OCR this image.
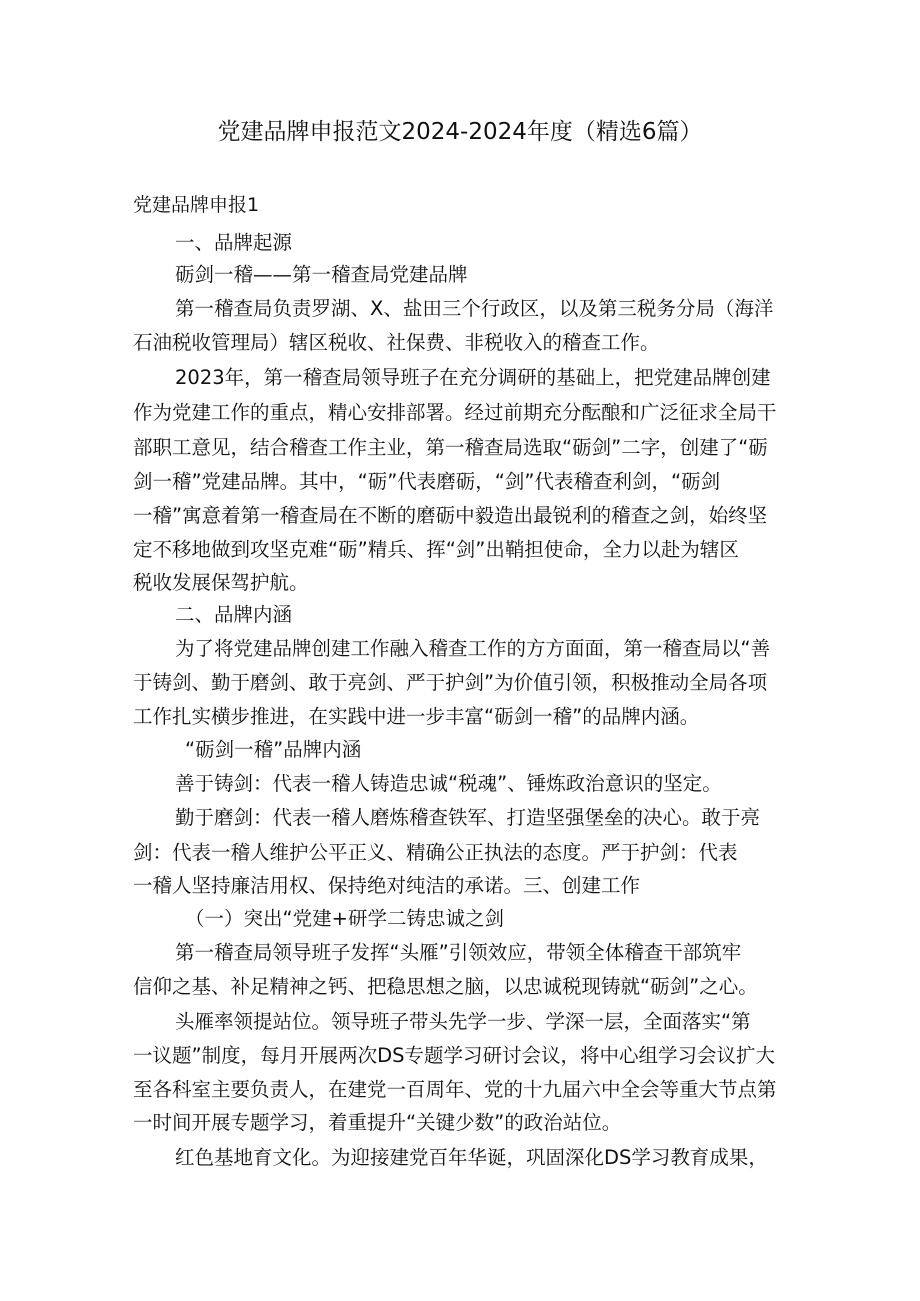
党建品牌申报范文2024-2024年度（精选6篇）
党建品牌申报1
一、品牌起源
砺剑一稽——第一稽查局党建品牌
第一稽查局负责罗湖、X、盐田三个行政区，以及第三税务分局（海洋
石油税收管理局）辖区税收、社保费、非税收入的稽查工作。
2023年，第一稽查局领导班子在充分调研的基础上，把党建品牌创建
作为党建工作的重点，精心安排部署。经过前期充分酝酿和广泛征求全局干
部职工意见，结合稽查工作主业，第一稽查局选取“砺剑”二字，创建了“砺
剑一稽”党建品牌。其中，“砺”代表磨砺，“剑”代表稽查利剑，“砺剑
一稽”寓意着第一稽查局在不断的磨砺中毅造出最锐利的稽查之剑，始终坚
定不移地做到攻坚克难“砺”精兵、挥“剑”出鞘担使命，全力以赴为辖区
税收发展保驾护航。
二、品牌内涵
为了将党建品牌创建工作融入稽查工作的方方面面，第一稽查局以“善
于铸剑、勤于磨剑、敢于亮剑、严于护剑”为价值引领，积极推动全局各项
工作扎实横步推进，在实践中进一步丰富“砺剑一稽”的品牌内涵。
“砺剑一稽”品牌内涵
善于铸剑：代表一稽人铸造忠诚“税魂”、锤炼政治意识的坚定。
勤于磨剑：代表一稽人磨炼稽查铁军、打造坚强堡垒的决心。敢于亮
剑：代表一稽人维护公平正义、精确公正执法的态度。严于护剑：代表
一稽人坚持廉洁用权、保持绝对纯洁的承诺。三、创建工作
（一）突出“党建+研学二铸忠诚之剑
第一稽查局领导班子发挥“头雁”引领效应，带领全体稽查干部筑牢
信仰之基、补足精神之钙、把稳思想之脑，以忠诚税现铸就“砺剑”之心。
头雁率领提站位。领导班子带头先学一步、学深一层，全面落实“第
一议题”制度，每月开展两次DS专题学习研讨会议，将中心组学习会议扩大
至各科室主要负责人，在建党一百周年、党的十九届六中全会等重大节点第
一时间开展专题学习，着重提升“关键少数”的政治站位。
红色基地育文化。为迎接建党百年华诞，巩固深化DS学习教育成果，
